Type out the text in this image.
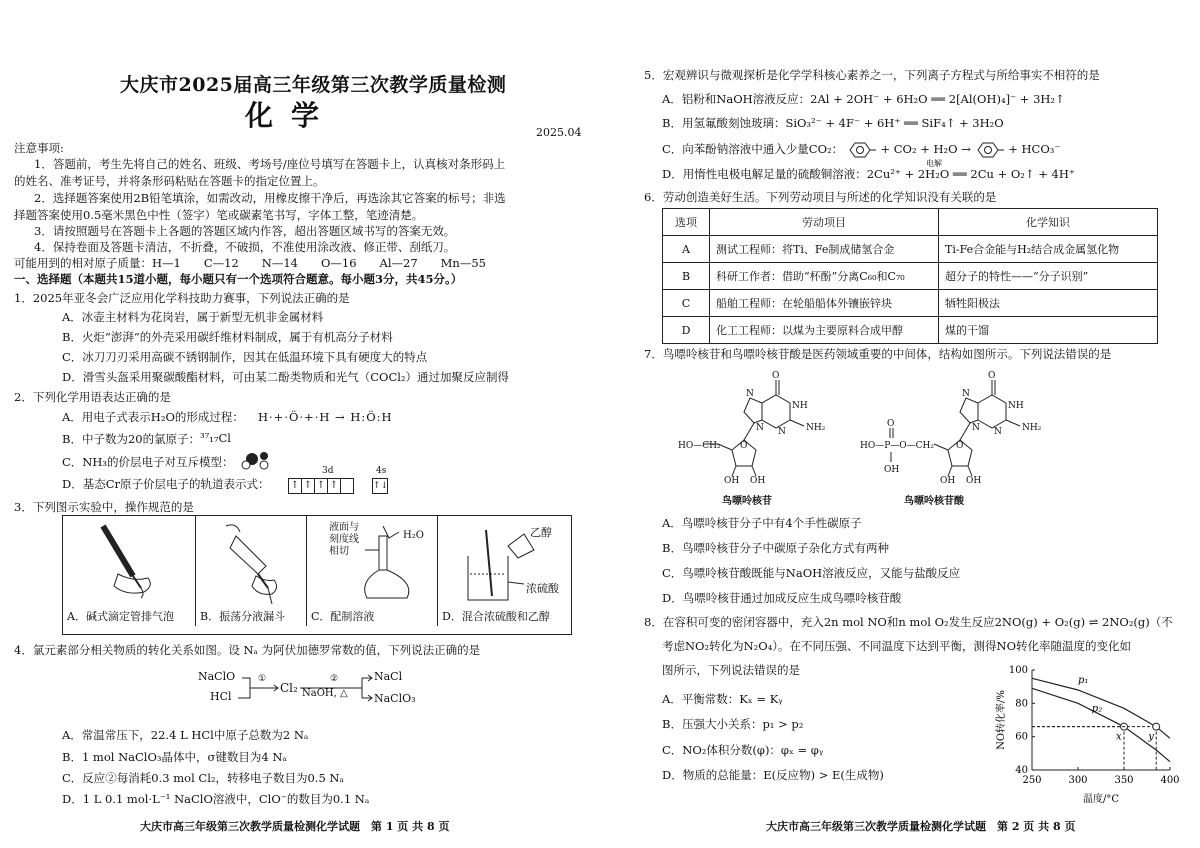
大庆市2025届高三年级第三次教学质量检测
化学
2025.04
注意事项:
1．答题前，考生先将自己的姓名、班级、考场号/座位号填写在答题卡上，认真核对条形码上
的姓名、准考证号，并将条形码粘贴在答题卡的指定位置上。
2．选择题答案使用2B铅笔填涂，如需改动，用橡皮擦干净后，再选涂其它答案的标号；非选
择题答案使用0.5毫米黑色中性（签字）笔或碳素笔书写，字体工整，笔迹清楚。
3．请按照题号在答题卡上各题的答题区域内作答，超出答题区域书写的答案无效。
4．保持卷面及答题卡清洁，不折叠，不破损，不准使用涂改液、修正带、刮纸刀。
可能用到的相对原子质量：H—1　　C—12　　N—14　　O—16　　Al—27　　Mn—55
一、选择题（本题共15道小题，每小题只有一个选项符合题意。每小题3分，共45分。）
1．2025年亚冬会广泛应用化学科技助力赛事，下列说法正确的是
A．冰壶主材料为花岗岩，属于新型无机非金属材料
B．火炬“澎湃”的外壳采用碳纤维材料制成，属于有机高分子材料
C．冰刀刀刃采用高碳不锈钢制作，因其在低温环境下具有硬度大的特点
D．滑雪头盔采用聚碳酸酯材料，可由某二酚类物质和光气（COCl₂）通过加聚反应制得
2．下列化学用语表达正确的是
A．用电子式表示H₂O的形成过程： H·+·Ö·+·H → H:Ö:H
B．中子数为20的氯原子： ³⁷₁₇Cl
C．NH₃的价层电子对互斥模型：
D．基态Cr原子价层电子的轨道表示式：
3d	4s
↑ ↑ ↑ ↑	↑↓
3．下列图示实验中，操作规范的是
A．碱式滴定管排气泡 B．振荡分液漏斗
液面与
刻度线
相切
H₂O
C．配制溶液
乙醇
浓硫酸
D．混合浓硫酸和乙醇
4．氯元素部分相关物质的转化关系如图。设 Nₐ 为阿伏加德罗常数的值，下列说法正确的是
NaClO
HCl
①
Cl₂
②
NaOH, △
NaCl
NaClO₃
A．常温常压下，22.4 L HCl中原子总数为2 Nₐ
B．1 mol NaClO₃晶体中，σ键数目为4 Nₐ
C．反应②每消耗0.3 mol Cl₂，转移电子数目为0.5 Nₐ
D．1 L 0.1 mol·L⁻¹ NaClO溶液中，ClO⁻的数目为0.1 Nₐ
大庆市高三年级第三次教学质量检测化学试题　第 1 页 共 8 页
5．宏观辨识与微观探析是化学学科核心素养之一，下列离子方程式与所给事实不相符的是
A．铝粉和NaOH溶液反应：2Al + 2OH⁻ + 6H₂O ══ 2[Al(OH)₄]⁻ + 3H₂↑
B．用氢氟酸刻蚀玻璃：SiO₃²⁻ + 4F⁻ + 6H⁺ ══ SiF₄↑ + 3H₂O
C．向苯酚钠溶液中通入少量CO₂：	+ CO₂ + H₂O →	+ HCO₃⁻
电解
D．用惰性电极电解足量的硫酸铜溶液：2Cu²⁺ + 2H₂O ══ 2Cu + O₂↑ + 4H⁺
6．劳动创造美好生活。下列劳动项目与所述的化学知识没有关联的是
选项	劳动项目	化学知识
A	测试工程师：将Ti、Fe制成储氢合金	Ti-Fe合金能与H₂结合成金属氢化物
B	科研工作者：借助“杯酚”分离C₆₀和C₇₀	超分子的特性——“分子识别”
C	船舶工程师：在轮船船体外镶嵌锌块	牺牲阳极法
D	化工工程师：以煤为主要原料合成甲醇	煤的干馏
7．鸟嘌呤核苷和鸟嘌呤核苷酸是医药领域重要的中间体，结构如图所示。下列说法错误的是
O
NH
NH₂
N
N
N
HO—CH₂ O
OH OH
O
NH
NH₂
N
N
N
O
HO—P—O—CH₂ O
OH
OH OH
鸟嘌呤核苷	鸟嘌呤核苷酸
A．鸟嘌呤核苷分子中有4个手性碳原子
B．鸟嘌呤核苷分子中碳原子杂化方式有两种
C．鸟嘌呤核苷酸既能与NaOH溶液反应，又能与盐酸反应
D．鸟嘌呤核苷通过加成反应生成鸟嘌呤核苷酸
8．在容积可变的密闭容器中，充入2n mol NO和n mol O₂发生反应2NO(g) + O₂(g) ⇌ 2NO₂(g)（不
考虑NO₂转化为N₂O₄）。在不同压强、不同温度下达到平衡，测得NO转化率随温度的变化如
图所示，下列说法错误的是
A．平衡常数：Kₓ = Kᵧ
B．压强大小关系：p₁ > p₂
C．NO₂体积分数(φ)：φₓ = φᵧ
D．物质的总能量：E(反应物) > E(生成物)	250	300	350	400
40
60
80
100
温度/°C
NO转化率/%
p₁
p₂
x	y
大庆市高三年级第三次教学质量检测化学试题　第 2 页 共 8 页
